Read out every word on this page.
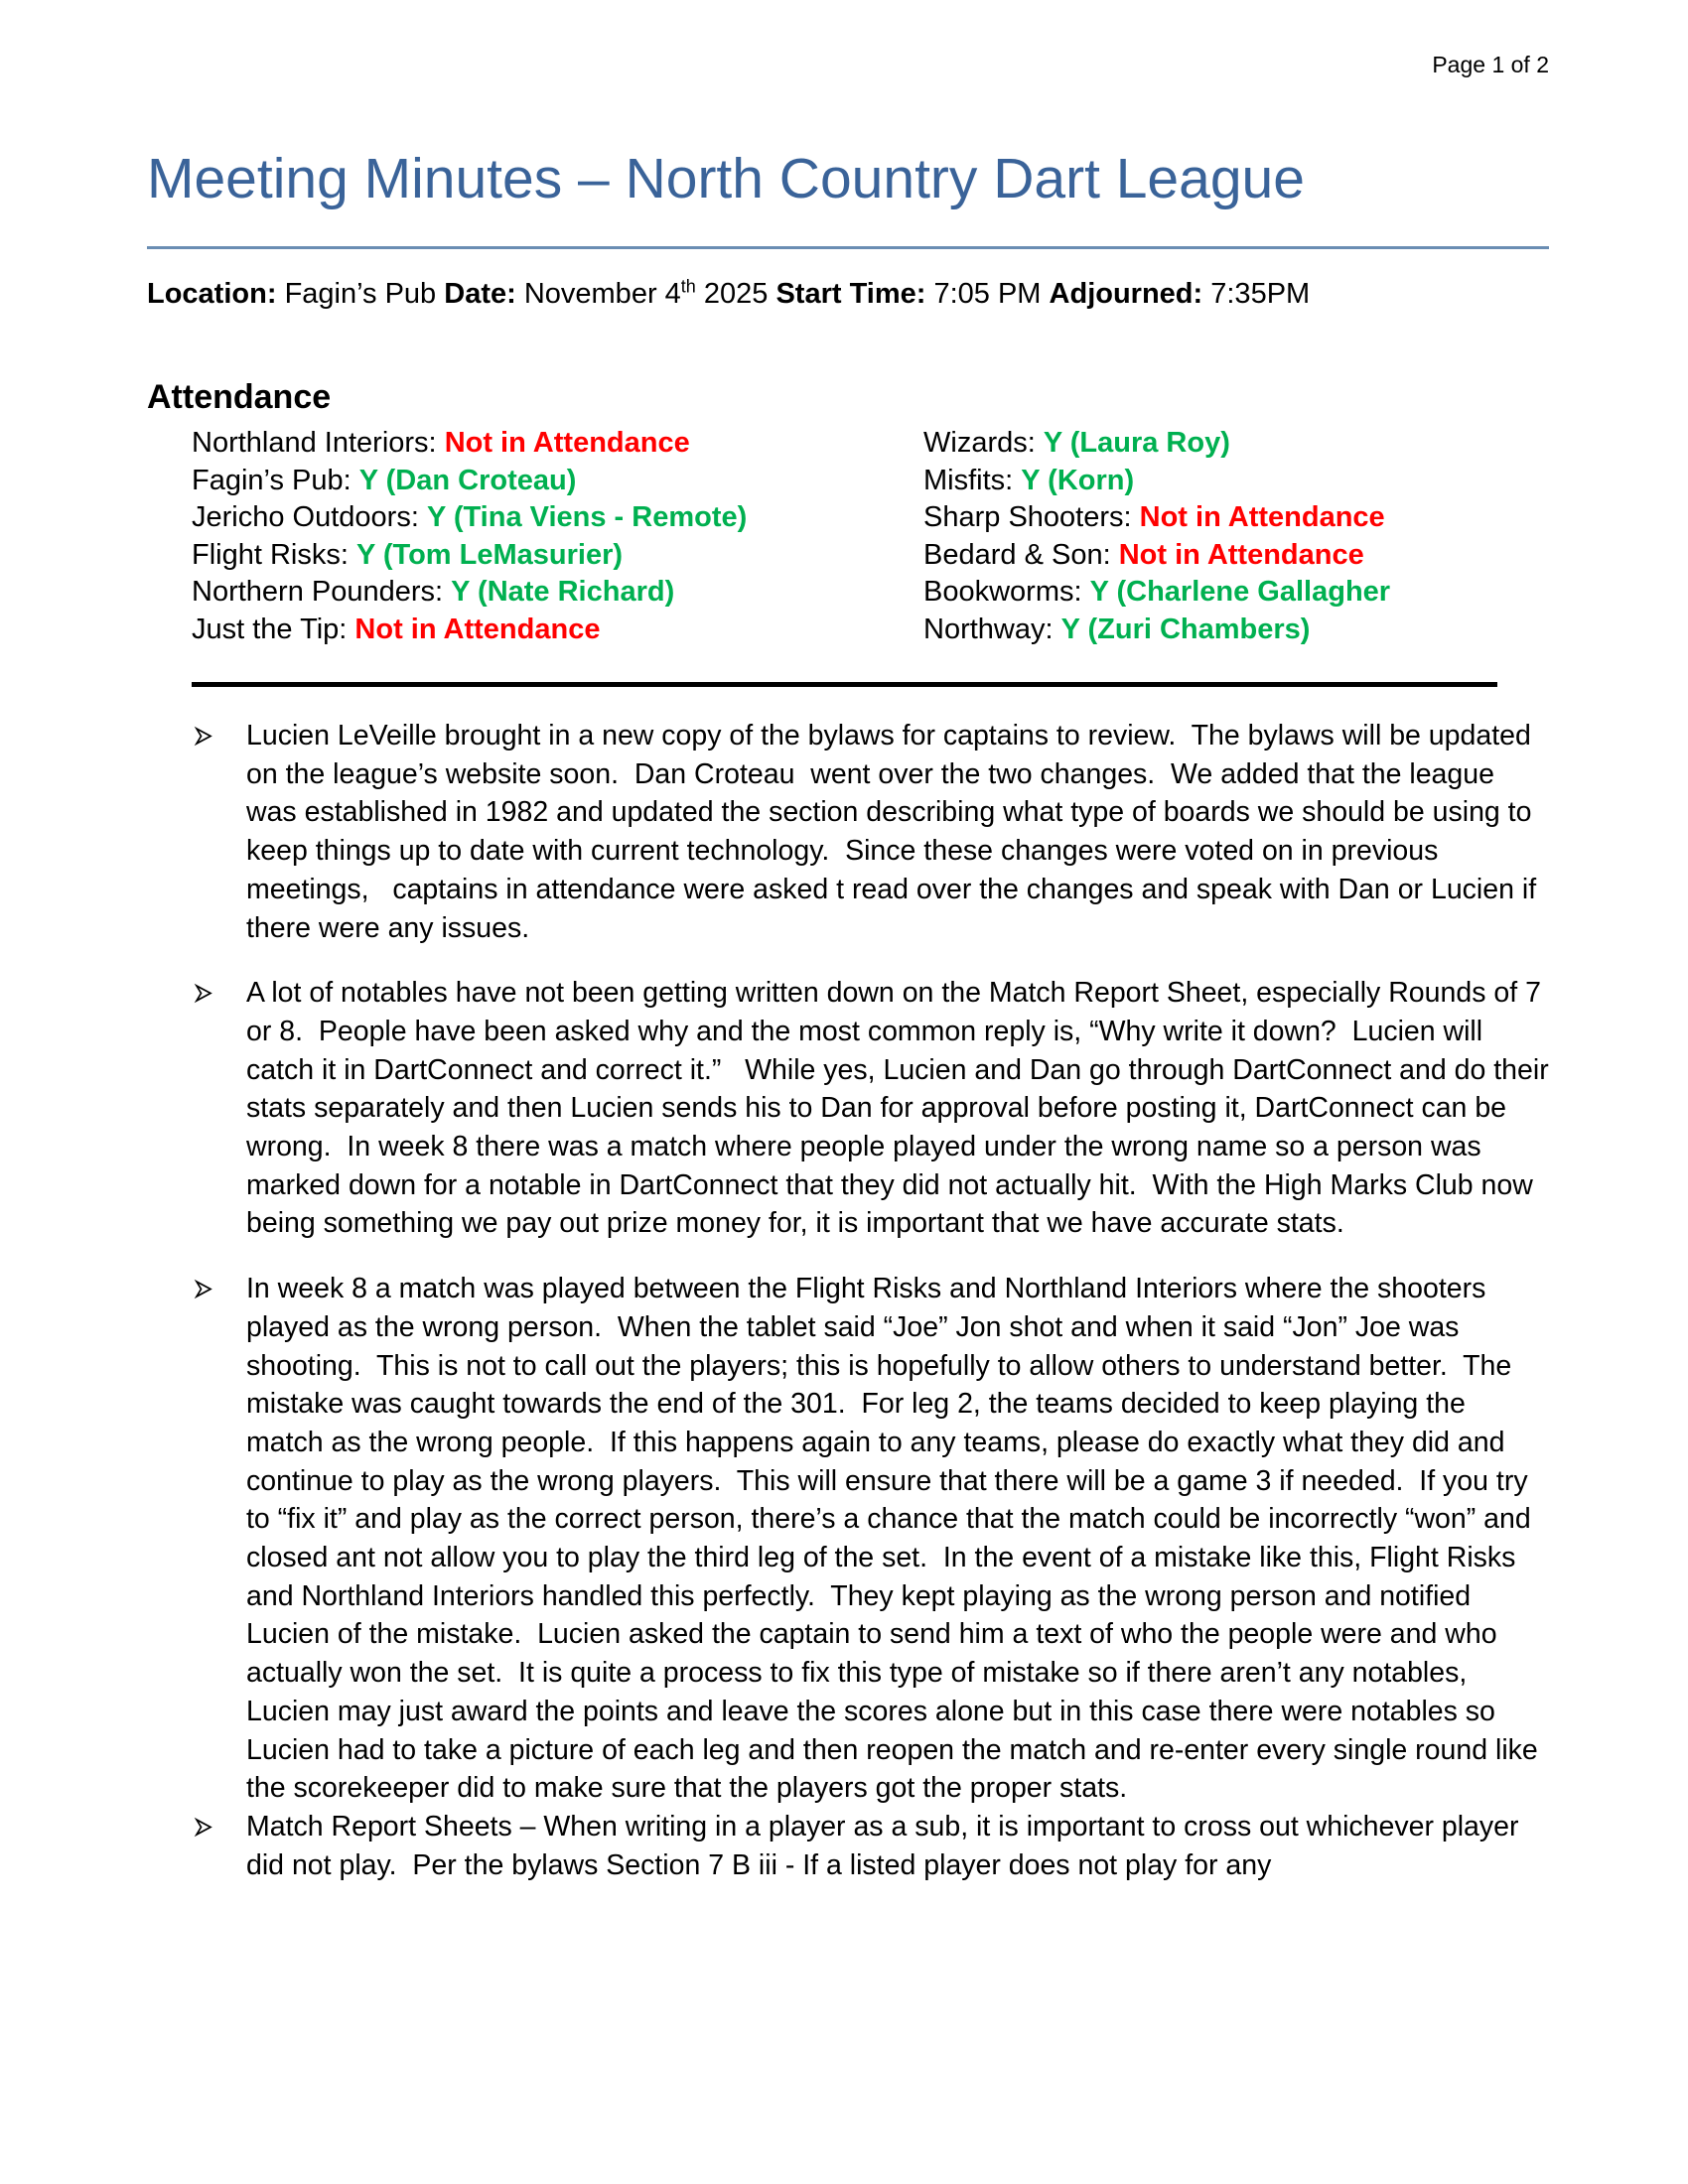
Page 1 of 2

Meeting Minutes – North Country Dart League

Location: Fagin’s Pub Date: November 4th 2025 Start Time: 7:05 PM Adjourned: 7:35PM

Attendance
Northland Interiors: Not in Attendance
Fagin’s Pub: Y (Dan Croteau)
Jericho Outdoors: Y (Tina Viens - Remote)
Flight Risks: Y (Tom LeMasurier)
Northern Pounders: Y (Nate Richard)
Just the Tip: Not in Attendance
Wizards: Y (Laura Roy)
Misfits: Y (Korn)
Sharp Shooters: Not in Attendance
Bedard & Son: Not in Attendance
Bookworms: Y (Charlene Gallagher
Northway: Y (Zuri Chambers)
Lucien LeVeille brought in a new copy of the bylaws for captains to review.  The bylaws will be updated on the league’s website soon.  Dan Croteau  went over the two changes.  We added that the league was established in 1982 and updated the section describing what type of boards we should be using to keep things up to date with current technology.  Since these changes were voted on in previous meetings,   captains in attendance were asked t read over the changes and speak with Dan or Lucien if there were any issues.
A lot of notables have not been getting written down on the Match Report Sheet, especially Rounds of 7 or 8.  People have been asked why and the most common reply is, “Why write it down?  Lucien will catch it in DartConnect and correct it.”   While yes, Lucien and Dan go through DartConnect and do their stats separately and then Lucien sends his to Dan for approval before posting it, DartConnect can be wrong.  In week 8 there was a match where people played under the wrong name so a person was marked down for a notable in DartConnect that they did not actually hit.  With the High Marks Club now being something we pay out prize money for, it is important that we have accurate stats.
In week 8 a match was played between the Flight Risks and Northland Interiors where the shooters played as the wrong person.  When the tablet said “Joe” Jon shot and when it said “Jon” Joe was shooting.  This is not to call out the players; this is hopefully to allow others to understand better.  The mistake was caught towards the end of the 301.  For leg 2, the teams decided to keep playing the match as the wrong people.  If this happens again to any teams, please do exactly what they did and continue to play as the wrong players.  This will ensure that there will be a game 3 if needed.  If you try to “fix it” and play as the correct person, there’s a chance that the match could be incorrectly “won” and closed ant not allow you to play the third leg of the set.  In the event of a mistake like this, Flight Risks and Northland Interiors handled this perfectly.  They kept playing as the wrong person and notified Lucien of the mistake.  Lucien asked the captain to send him a text of who the people were and who actually won the set.  It is quite a process to fix this type of mistake so if there aren’t any notables, Lucien may just award the points and leave the scores alone but in this case there were notables so Lucien had to take a picture of each leg and then reopen the match and re-enter every single round like the scorekeeper did to make sure that the players got the proper stats.
Match Report Sheets – When writing in a player as a sub, it is important to cross out whichever player did not play.  Per the bylaws Section 7 B iii - If a listed player does not play for any
